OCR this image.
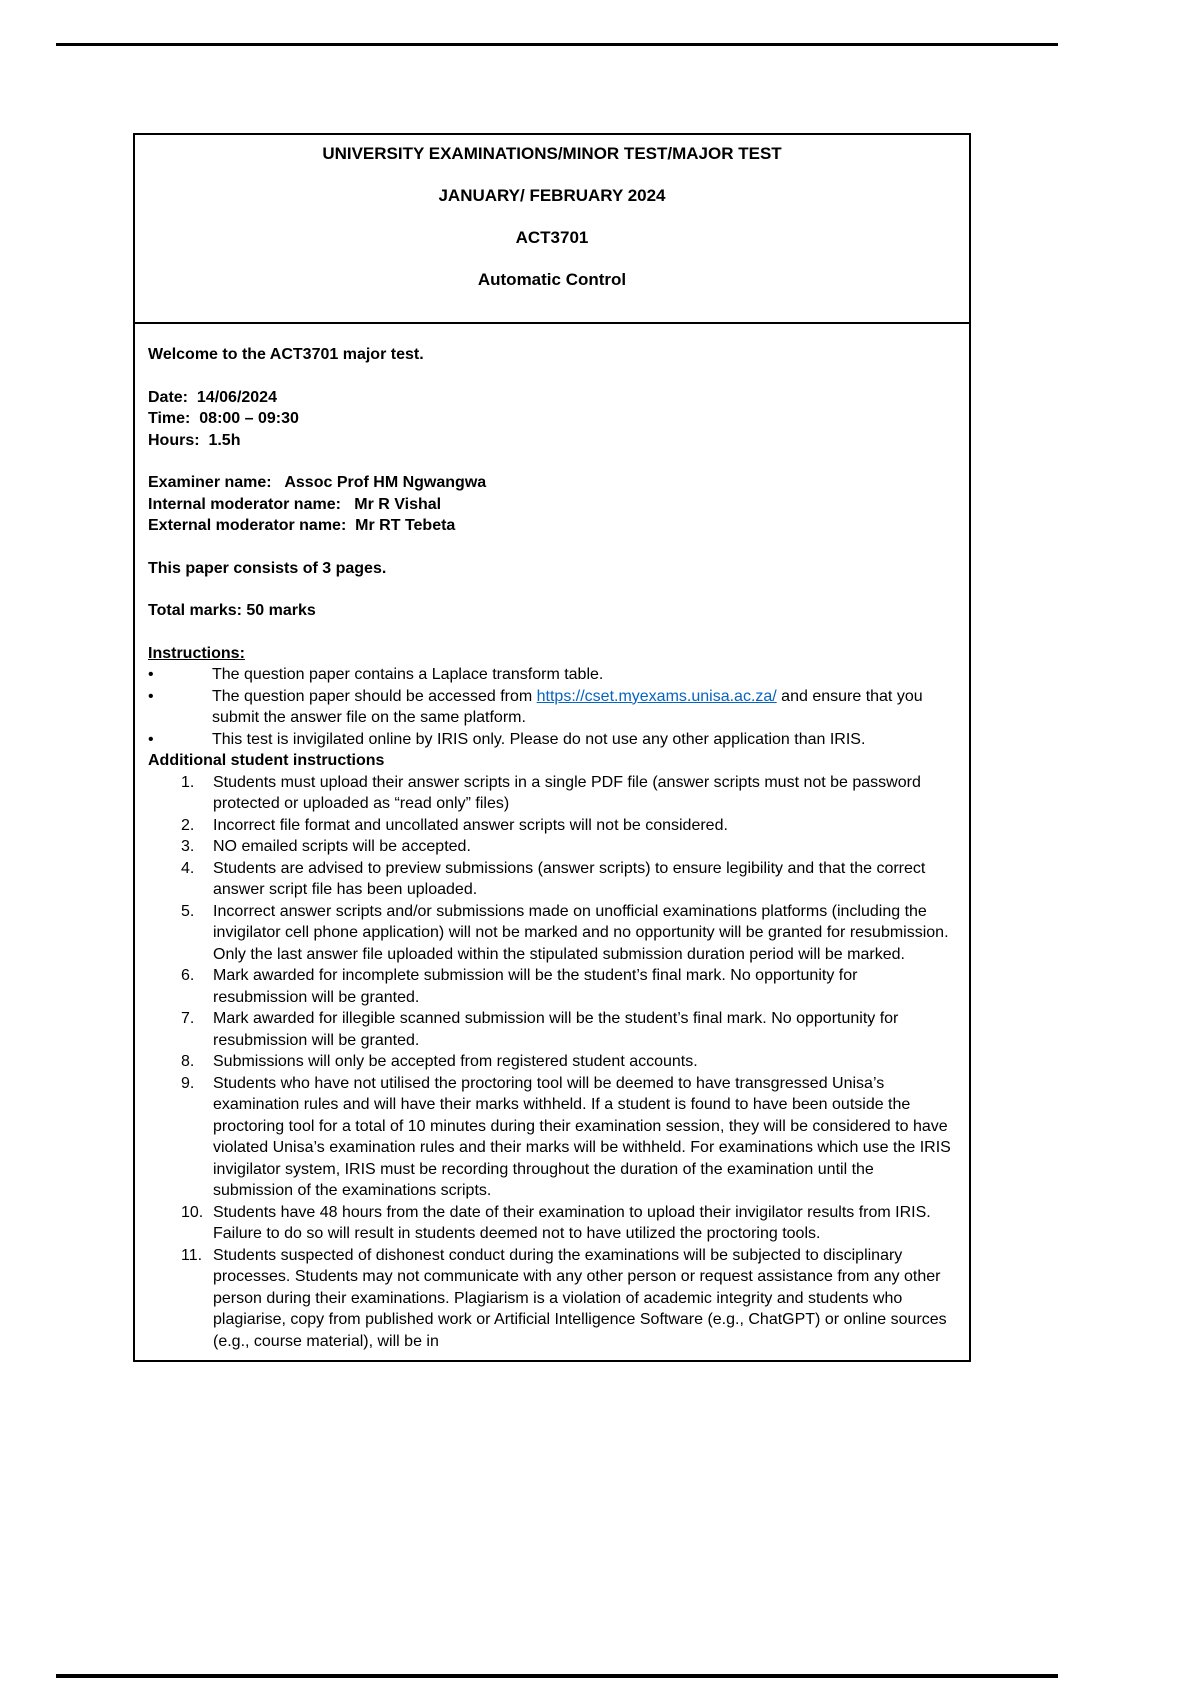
UNIVERSITY EXAMINATIONS/MINOR TEST/MAJOR TEST

JANUARY/ FEBRUARY 2024

ACT3701

Automatic Control

Welcome to the ACT3701 major test.

Date:  14/06/2024

Time:  08:00 – 09:30

Hours:  1.5h

Examiner name:   Assoc Prof HM Ngwangwa

Internal moderator name:   Mr R Vishal

External moderator name:  Mr RT Tebeta

This paper consists of 3 pages.

Total marks: 50 marks

Instructions:

•	The question paper contains a Laplace transform table.
•	The question paper should be accessed from https://cset.myexams.unisa.ac.za/ and ensure that you submit the answer file on the same platform.
•	This test is invigilated online by IRIS only. Please do not use any other application than IRIS.

Additional student instructions

1.	Students must upload their answer scripts in a single PDF file (answer scripts must not be password protected or uploaded as “read only” files)
2.	Incorrect file format and uncollated answer scripts will not be considered.
3.	NO emailed scripts will be accepted.
4.	Students are advised to preview submissions (answer scripts) to ensure legibility and that the correct answer script file has been uploaded.
5.	Incorrect answer scripts and/or submissions made on unofficial examinations platforms (including the invigilator cell phone application) will not be marked and no opportunity will be granted for resubmission. Only the last answer file uploaded within the stipulated submission duration period will be marked.
6.	Mark awarded for incomplete submission will be the student’s final mark. No opportunity for resubmission will be granted.
7.	Mark awarded for illegible scanned submission will be the student’s final mark. No opportunity for resubmission will be granted.
8.	Submissions will only be accepted from registered student accounts.
9.	Students who have not utilised the proctoring tool will be deemed to have transgressed Unisa’s examination rules and will have their marks withheld. If a student is found to have been outside the proctoring tool for a total of 10 minutes during their examination session, they will be considered to have violated Unisa’s examination rules and their marks will be withheld. For examinations which use the IRIS invigilator system, IRIS must be recording throughout the duration of the examination until the submission of the examinations scripts.
10. Students have 48 hours from the date of their examination to upload their invigilator results from IRIS. Failure to do so will result in students deemed not to have utilized the proctoring tools.
11. Students suspected of dishonest conduct during the examinations will be subjected to disciplinary processes. Students may not communicate with any other person or request assistance from any other person during their examinations. Plagiarism is a violation of academic integrity and students who plagiarise, copy from published work or Artificial Intelligence Software (e.g., ChatGPT) or online sources (e.g., course material), will be in
